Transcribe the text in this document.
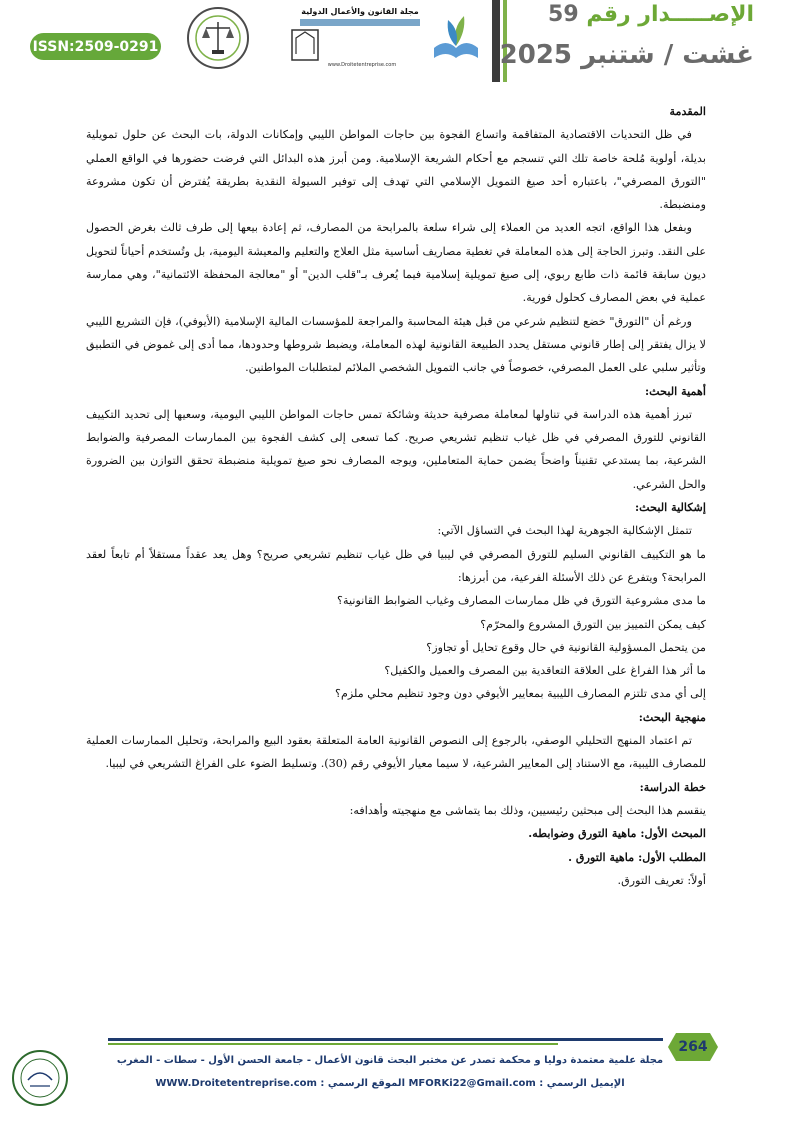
الإصـــــدار رقم 59
غشت / شتنبر 2025
ISSN:2509-0291
مجلة القانون والأعمال الدولية
www.Droitetentreprise.com

المقدمة

في ظل التحديات الاقتصادية المتفاقمة واتساع الفجوة بين حاجات المواطن الليبي وإمكانات الدولة، بات البحث عن حلول تمويلية بديلة، أولوية مُلحة خاصة تلك التي تنسجم مع أحكام الشريعة الإسلامية. ومن أبرز هذه البدائل التي فرضت حضورها في الواقع العملي "التورق المصرفي"، باعتباره أحد صيغ التمويل الإسلامي التي تهدف إلى توفير السيولة النقدية بطريقة يُفترض أن تكون مشروعة ومنضبطة.

وبفعل هذا الواقع، اتجه العديد من العملاء إلى شراء سلعة بالمرابحة من المصارف، ثم إعادة بيعها إلى طرف ثالث بغرض الحصول على النقد. وتبرز الحاجة إلى هذه المعاملة في تغطية مصاريف أساسية مثل العلاج والتعليم والمعيشة اليومية، بل وتُستخدم أحياناً لتحويل ديون سابقة قائمة ذات طابع ربوي، إلى صيغ تمويلية إسلامية فيما يُعرف بـ"قلب الدين" أو "معالجة المحفظة الائتمانية"، وهي ممارسة عملية في بعض المصارف كحلول فورية.

ورغم أن "التورق" خضع لتنظيم شرعي من قبل هيئة المحاسبة والمراجعة للمؤسسات المالية الإسلامية (الأيوفي)، فإن التشريع الليبي لا يزال يفتقر إلى إطار قانوني مستقل يحدد الطبيعة القانونية لهذه المعاملة، ويضبط شروطها وحدودها، مما أدى إلى غموض في التطبيق وتأثير سلبي على العمل المصرفي، خصوصاً في جانب التمويل الشخصي الملائم لمتطلبات المواطنين.

أهمية البحث:

تبرز أهمية هذه الدراسة في تناولها لمعاملة مصرفية حديثة وشائكة تمس حاجات المواطن الليبي اليومية، وسعيها إلى تحديد التكييف القانوني للتورق المصرفي في ظل غياب تنظيم تشريعي صريح. كما تسعى إلى كشف الفجوة بين الممارسات المصرفية والضوابط الشرعية، بما يستدعي تقنيناً واضحاً يضمن حماية المتعاملين، ويوجه المصارف نحو صيغ تمويلية منضبطة تحقق التوازن بين الضرورة والحل الشرعي.

إشكالية البحث:

تتمثل الإشكالية الجوهرية لهذا البحث في التساؤل الآتي:

ما هو التكييف القانوني السليم للتورق المصرفي في ليبيا في ظل غياب تنظيم تشريعي صريح؟ وهل يعد عقداً مستقلاً أم تابعاً لعقد المرابحة؟ ويتفرع عن ذلك الأسئلة الفرعية، من أبرزها:

ما مدى مشروعية التورق في ظل ممارسات المصارف وغياب الضوابط القانونية؟

كيف يمكن التمييز بين التورق المشروع والمحرّم؟

من يتحمل المسؤولية القانونية في حال وقوع تحايل أو تجاوز؟

ما أثر هذا الفراغ على العلاقة التعاقدية بين المصرف والعميل والكفيل؟

إلى أي مدى تلتزم المصارف الليبية بمعايير الأيوفي دون وجود تنظيم محلي ملزم؟

منهجية البحث:

تم اعتماد المنهج التحليلي الوصفي، بالرجوع إلى النصوص القانونية العامة المتعلقة بعقود البيع والمرابحة، وتحليل الممارسات العملية للمصارف الليبية، مع الاستناد إلى المعايير الشرعية، لا سيما معيار الأيوفي رقم (30). وتسليط الضوء على الفراغ التشريعي في ليبيا.

خطة الدراسة:

ينقسم هذا البحث إلى مبحثين رئيسيين، وذلك بما يتماشى مع منهجيته وأهدافه:

المبحث الأول: ماهية التورق وضوابطه.

المطلب الأول: ماهية التورق .

أولاً: تعريف التورق.

264
مجلة علمية معتمدة دوليا و محكمة تصدر عن مختبر البحث قانون الأعمال - جامعة الحسن الأول - سطات - المغرب
الإيميل الرسمي : MFORKi22@Gmail.com الموقع الرسمي : WWW.Droitetentreprise.com
